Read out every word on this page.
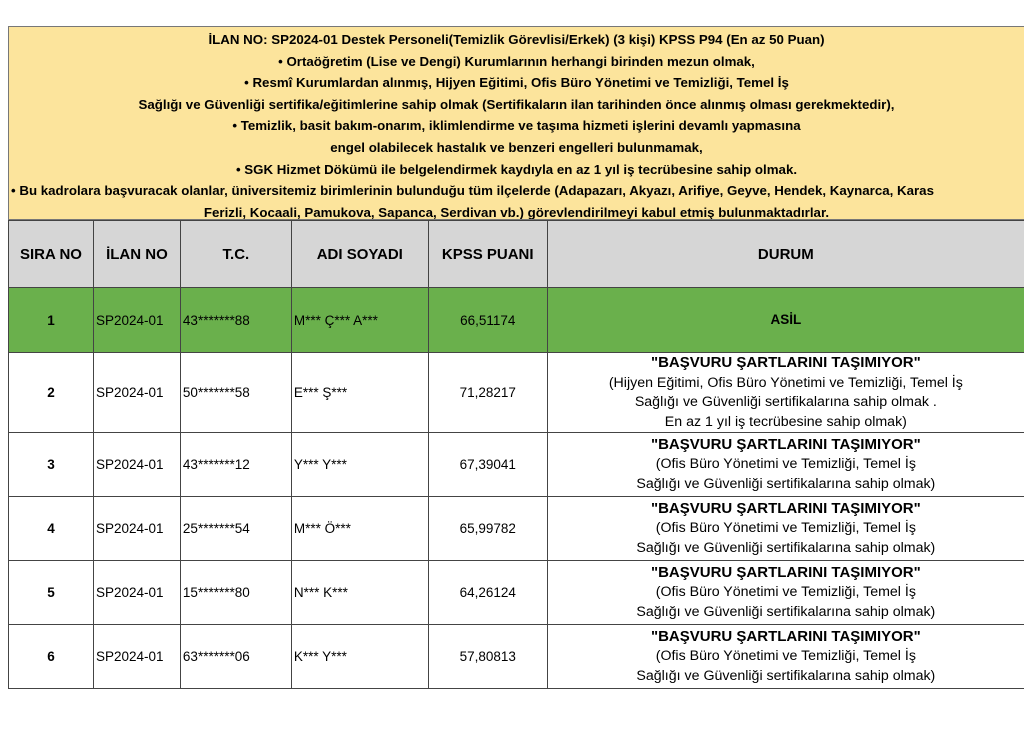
İLAN NO: SP2024-01 Destek Personeli(Temizlik Görevlisi/Erkek) (3 kişi) KPSS P94 (En az 50 Puan)
• Ortaöğretim (Lise ve Dengi) Kurumlarının herhangi birinden mezun olmak,
• Resmî Kurumlardan alınmış, Hijyen Eğitimi, Ofis Büro Yönetimi ve Temizliği, Temel İş
Sağlığı ve Güvenliği sertifika/eğitimlerine sahip olmak (Sertifikaların ilan tarihinden önce alınmış olması gerekmektedir),
• Temizlik, basit bakım-onarım, iklimlendirme ve taşıma hizmeti işlerini devamlı yapmasına
engel olabilecek hastalık ve benzeri engelleri bulunmamak,
• SGK Hizmet Dökümü ile belgelendirmek kaydıyla en az 1 yıl iş tecrübesine sahip olmak.
• Bu kadrolara başvuracak olanlar, üniversitemiz birimlerinin bulunduğu tüm ilçelerde (Adapazarı, Akyazı, Arifiye, Geyve, Hendek, Kaynarca, Karas
Ferizli, Kocaali, Pamukova, Sapanca, Serdivan vb.) görevlendirilmeyi kabul etmiş bulunmaktadırlar.
SIRA NO	İLAN NO	T.C.	ADI SOYADI	KPSS PUANI	DURUM
1	SP2024-01	43*******88	M*** Ç*** A***	66,51174	ASİL
2	SP2024-01	50*******58	E*** Ş***	71,28217	"BAŞVURU ŞARTLARINI TAŞIMIYOR"
(Hijyen Eğitimi, Ofis Büro Yönetimi ve Temizliği, Temel İş
Sağlığı ve Güvenliği sertifikalarına sahip olmak .
En az 1 yıl iş tecrübesine sahip olmak)
3	SP2024-01	43*******12	Y*** Y***	67,39041	"BAŞVURU ŞARTLARINI TAŞIMIYOR"
(Ofis Büro Yönetimi ve Temizliği, Temel İş
Sağlığı ve Güvenliği sertifikalarına sahip olmak)
4	SP2024-01	25*******54	M*** Ö***	65,99782	"BAŞVURU ŞARTLARINI TAŞIMIYOR"
(Ofis Büro Yönetimi ve Temizliği, Temel İş
Sağlığı ve Güvenliği sertifikalarına sahip olmak)
5	SP2024-01	15*******80	N*** K***	64,26124	"BAŞVURU ŞARTLARINI TAŞIMIYOR"
(Ofis Büro Yönetimi ve Temizliği, Temel İş
Sağlığı ve Güvenliği sertifikalarına sahip olmak)
6	SP2024-01	63*******06	K*** Y***	57,80813	"BAŞVURU ŞARTLARINI TAŞIMIYOR"
(Ofis Büro Yönetimi ve Temizliği, Temel İş
Sağlığı ve Güvenliği sertifikalarına sahip olmak)
